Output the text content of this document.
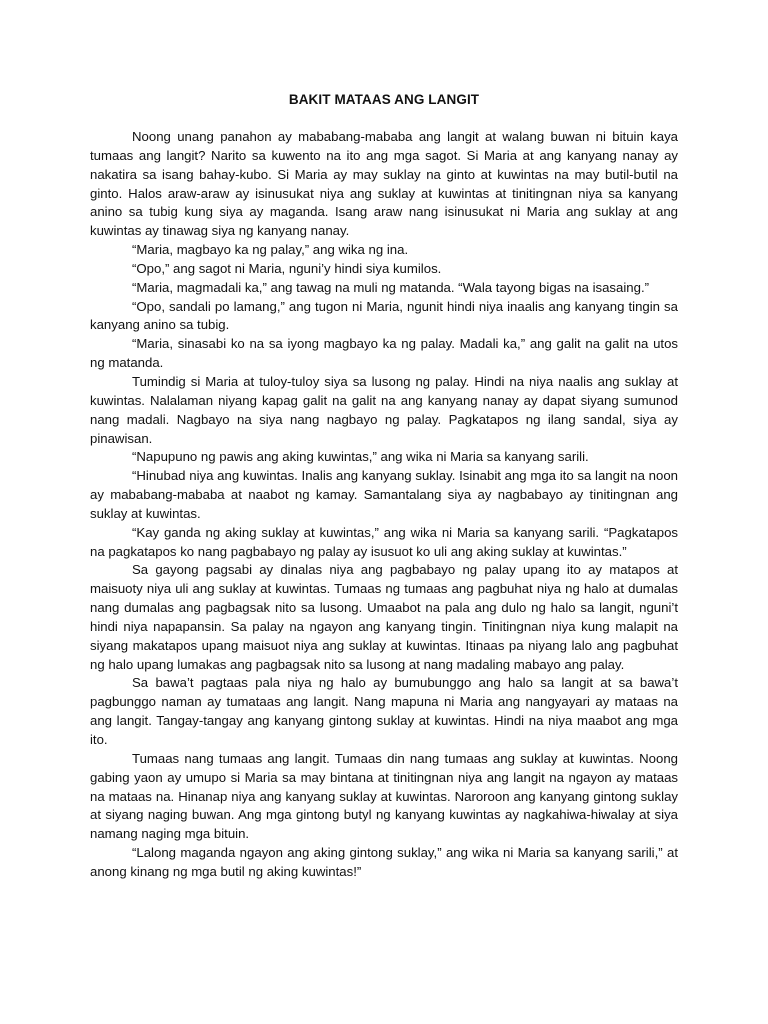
BAKIT MATAAS ANG LANGIT

Noong unang panahon ay mababang-mababa ang langit at walang buwan ni bituin kaya tumaas ang langit? Narito sa kuwento na ito ang mga sagot. Si Maria at ang kanyang nanay ay nakatira sa isang bahay-kubo. Si Maria ay may suklay na ginto at kuwintas na may butil-butil na ginto. Halos araw-araw ay isinusukat niya ang suklay at kuwintas at tinitingnan niya sa kanyang anino sa tubig kung siya ay maganda. Isang araw nang isinusukat ni Maria ang suklay at ang kuwintas ay tinawag siya ng kanyang nanay.

“Maria, magbayo ka ng palay,” ang wika ng ina.

“Opo,” ang sagot ni Maria, nguni’y hindi siya kumilos.

“Maria, magmadali ka,” ang tawag na muli ng matanda. “Wala tayong bigas na isasaing.”

“Opo, sandali po lamang,” ang tugon ni Maria, ngunit hindi niya inaalis ang kanyang tingin sa kanyang anino sa tubig.

“Maria, sinasabi ko na sa iyong magbayo ka ng palay. Madali ka,” ang galit na galit na utos ng matanda.

Tumindig si Maria at tuloy-tuloy siya sa lusong ng palay. Hindi na niya naalis ang suklay at kuwintas. Nalalaman niyang kapag galit na galit na ang kanyang nanay ay dapat siyang sumunod nang madali. Nagbayo na siya nang nagbayo ng palay. Pagkatapos ng ilang sandal, siya ay pinawisan.

“Napupuno ng pawis ang aking kuwintas,” ang wika ni Maria sa kanyang sarili.

“Hinubad niya ang kuwintas. Inalis ang kanyang suklay. Isinabit ang mga ito sa langit na noon ay mababang-mababa at naabot ng kamay. Samantalang siya ay nagbabayo ay tinitingnan ang suklay at kuwintas.

“Kay ganda ng aking suklay at kuwintas,” ang wika ni Maria sa kanyang sarili. “Pagkatapos na pagkatapos ko nang pagbabayo ng palay ay isusuot ko uli ang aking suklay at kuwintas.”

Sa gayong pagsabi ay dinalas niya ang pagbabayo ng palay upang ito ay matapos at maisuoty niya uli ang suklay at kuwintas. Tumaas ng tumaas ang pagbuhat niya ng halo at dumalas nang dumalas ang pagbagsak nito sa lusong. Umaabot na pala ang dulo ng halo sa langit, nguni’t hindi niya napapansin. Sa palay na ngayon ang kanyang tingin. Tinitingnan niya kung malapit na siyang makatapos upang maisuot niya ang suklay at kuwintas. Itinaas pa niyang lalo ang pagbuhat ng halo upang lumakas ang pagbagsak nito sa lusong at nang madaling mabayo ang palay.

Sa bawa’t pagtaas pala niya ng halo ay bumubunggo ang halo sa langit at sa bawa’t pagbunggo naman ay tumataas ang langit. Nang mapuna ni Maria ang nangyayari ay mataas na ang langit. Tangay-tangay ang kanyang gintong suklay at kuwintas. Hindi na niya maabot ang mga ito.

Tumaas nang tumaas ang langit. Tumaas din nang tumaas ang suklay at kuwintas. Noong gabing yaon ay umupo si Maria sa may bintana at tinitingnan niya ang langit na ngayon ay mataas na mataas na. Hinanap niya ang kanyang suklay at kuwintas. Naroroon ang kanyang gintong suklay at siyang naging buwan. Ang mga gintong butyl ng kanyang kuwintas ay nagkahiwa-hiwalay at siya namang naging mga bituin.

“Lalong maganda ngayon ang aking gintong suklay,” ang wika ni Maria sa kanyang sarili,” at anong kinang ng mga butil ng aking kuwintas!”
